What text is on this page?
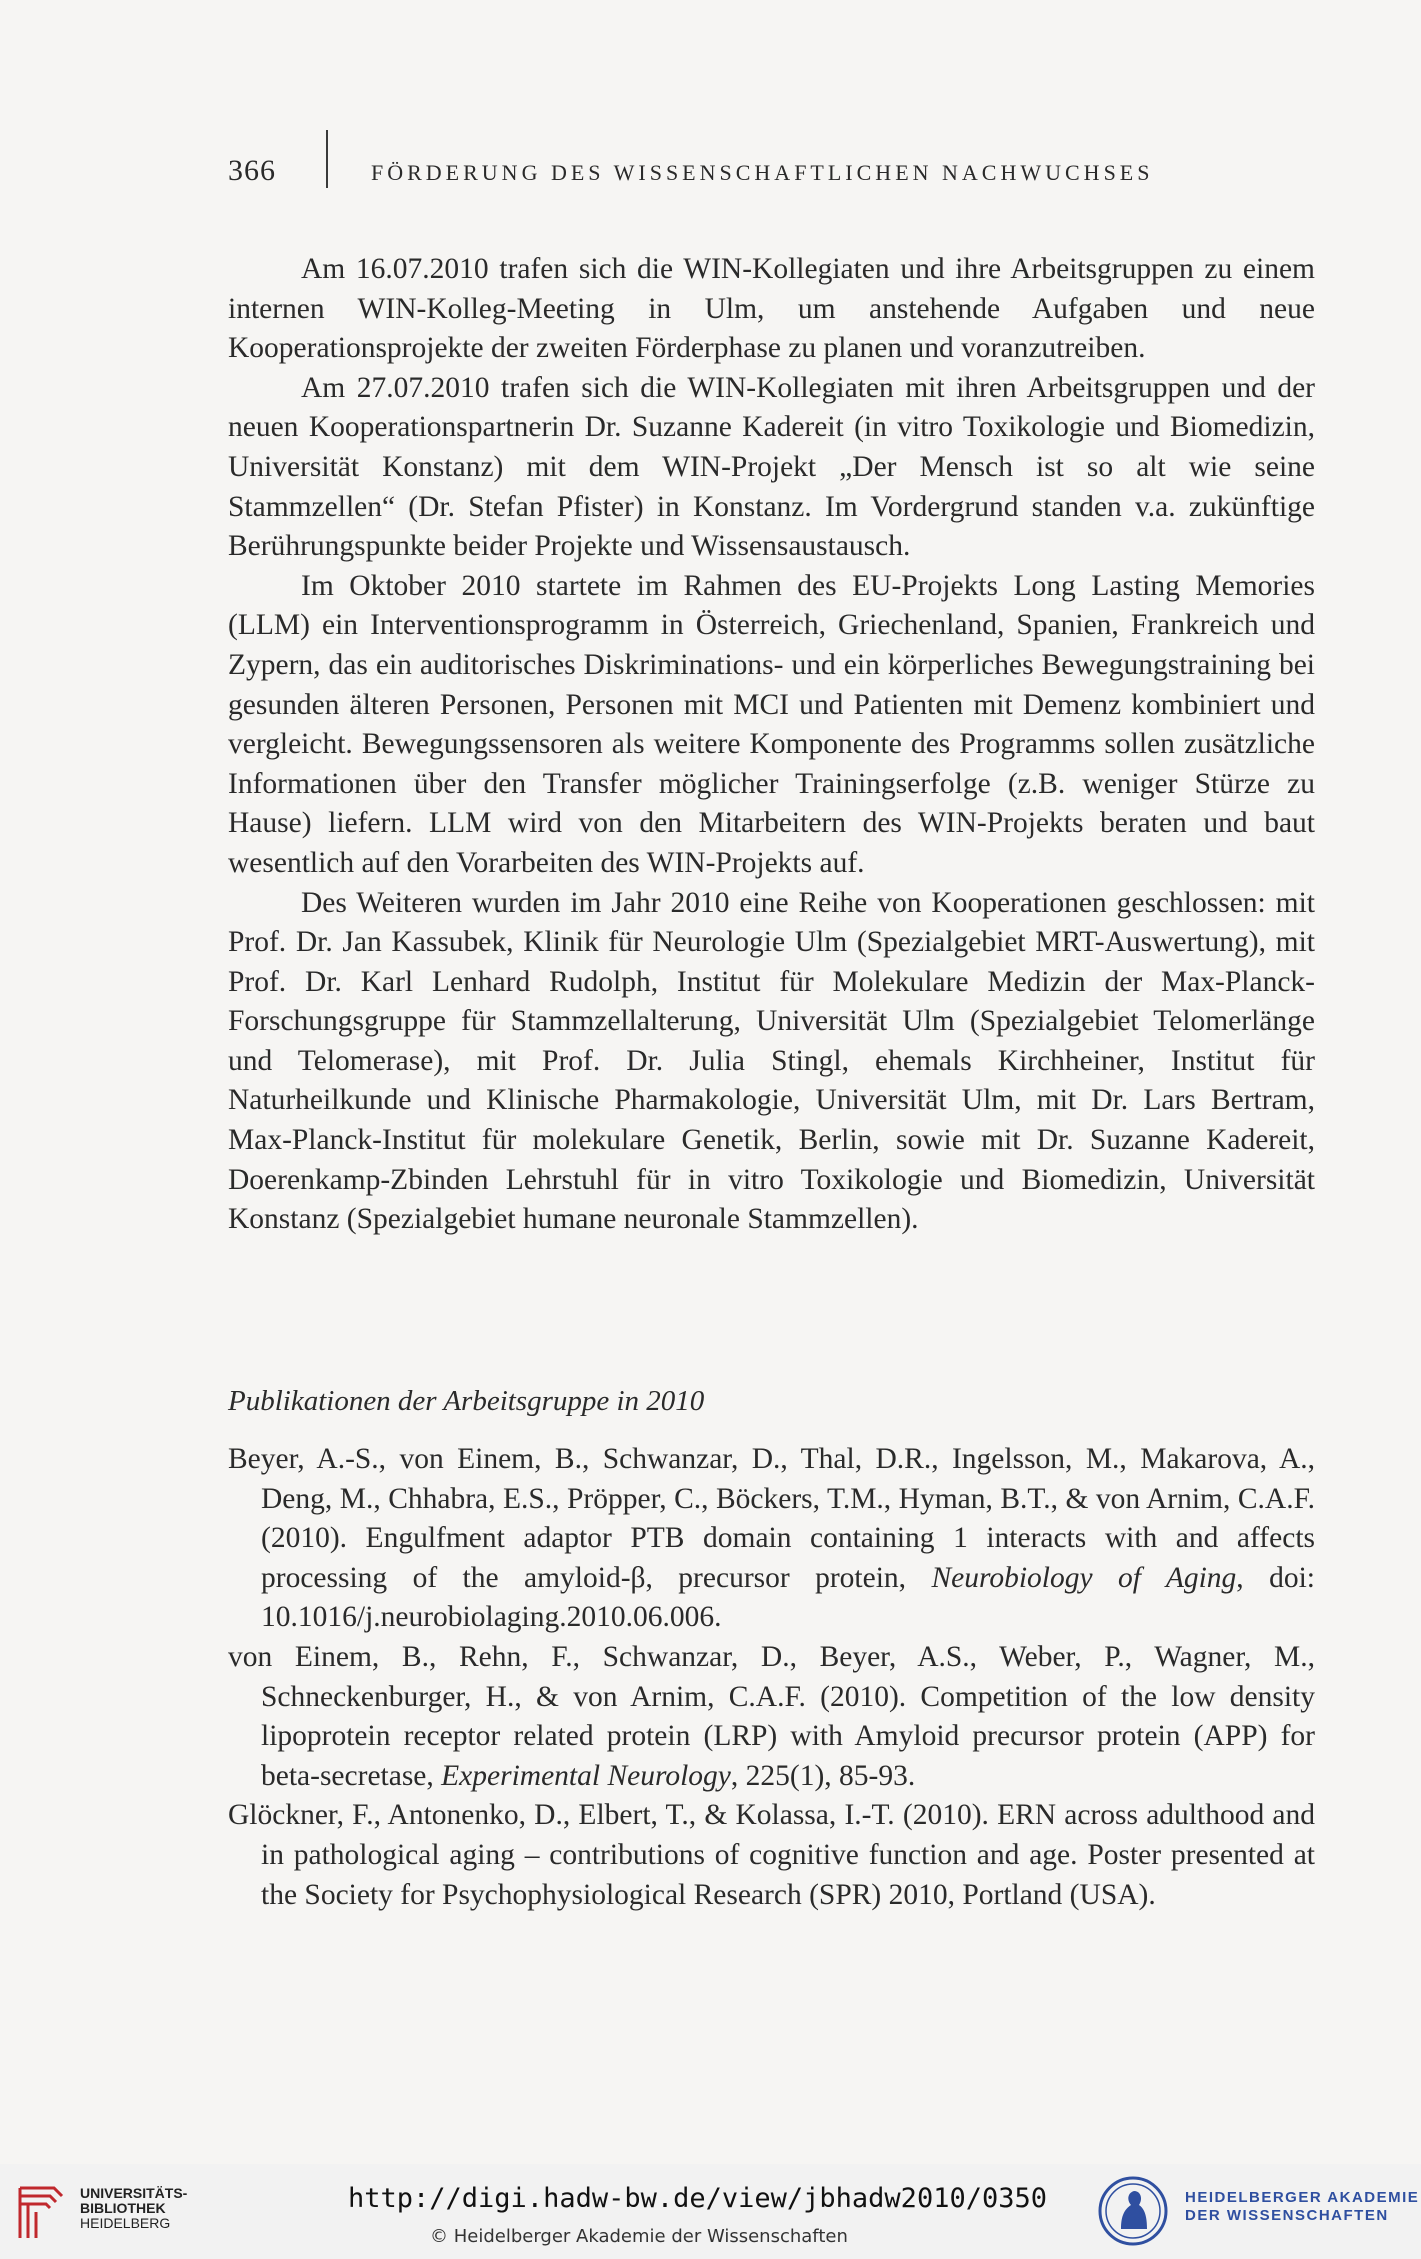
366	FÖRDERUNG DES WISSENSCHAFTLICHEN NACHWUCHSES

Am 16.07.2010 trafen sich die WIN-Kollegiaten und ihre Arbeitsgruppen zu einem internen WIN-Kolleg-Meeting in Ulm, um anstehende Aufgaben und neue Kooperationsprojekte der zweiten Förderphase zu planen und voranzutreiben.

Am 27.07.2010 trafen sich die WIN-Kollegiaten mit ihren Arbeitsgruppen und der neuen Kooperationspartnerin Dr. Suzanne Kadereit (in vitro Toxikologie und Biomedizin, Universität Konstanz) mit dem WIN-Projekt „Der Mensch ist so alt wie seine Stammzellen“ (Dr. Stefan Pfister) in Konstanz. Im Vordergrund standen v.a. zukünftige Berührungspunkte beider Projekte und Wissensaustausch.

Im Oktober 2010 startete im Rahmen des EU-Projekts Long Lasting Memories (LLM) ein Interventionsprogramm in Österreich, Griechenland, Spanien, Frankreich und Zypern, das ein auditorisches Diskriminations- und ein körperliches Bewegungstraining bei gesunden älteren Personen, Personen mit MCI und Patienten mit Demenz kombiniert und vergleicht. Bewegungssensoren als weitere Komponente des Programms sollen zusätzliche Informationen über den Transfer möglicher Trainingserfolge (z.B. weniger Stürze zu Hause) liefern. LLM wird von den Mitarbeitern des WIN-Projekts beraten und baut wesentlich auf den Vorarbeiten des WIN-Projekts auf.

Des Weiteren wurden im Jahr 2010 eine Reihe von Kooperationen geschlossen: mit Prof. Dr. Jan Kassubek, Klinik für Neurologie Ulm (Spezialgebiet MRT-Auswertung), mit Prof. Dr. Karl Lenhard Rudolph, Institut für Molekulare Medizin der Max-Planck-Forschungsgruppe für Stammzellalterung, Universität Ulm (Spezialgebiet Telomerlänge und Telomerase), mit Prof. Dr. Julia Stingl, ehemals Kirchheiner, Institut für Naturheilkunde und Klinische Pharmakologie, Universität Ulm, mit Dr. Lars Bertram, Max-Planck-Institut für molekulare Genetik, Berlin, sowie mit Dr. Suzanne Kadereit, Doerenkamp-Zbinden Lehrstuhl für in vitro Toxikologie und Biomedizin, Universität Konstanz (Spezialgebiet humane neuronale Stammzellen).

Publikationen der Arbeitsgruppe in 2010

Beyer, A.-S., von Einem, B., Schwanzar, D., Thal, D.R., Ingelsson, M., Makarova, A., Deng, M., Chhabra, E.S., Pröpper, C., Böckers, T.M., Hyman, B.T., & von Arnim, C.A.F. (2010). Engulfment adaptor PTB domain containing 1 interacts with and affects processing of the amyloid-β, precursor protein, Neurobiology of Aging, doi: 10.1016/j.neurobiolaging.2010.06.006.

von Einem, B., Rehn, F., Schwanzar, D., Beyer, A.S., Weber, P., Wagner, M., Schneckenburger, H., & von Arnim, C.A.F. (2010). Competition of the low density lipoprotein receptor related protein (LRP) with Amyloid precursor protein (APP) for beta-secretase, Experimental Neurology, 225(1), 85-93.

Glöckner, F., Antonenko, D., Elbert, T., & Kolassa, I.-T. (2010). ERN across adulthood and in pathological aging – contributions of cognitive function and age. Poster presented at the Society for Psychophysiological Research (SPR) 2010, Portland (USA).

UNIVERSITÄTS-
BIBLIOTHEK
HEIDELBERG
http://digi.hadw-bw.de/view/jbhadw2010/0350
© Heidelberger Akademie der Wissenschaften
HEIDELBERGER AKADEMIE
DER WISSENSCHAFTEN
